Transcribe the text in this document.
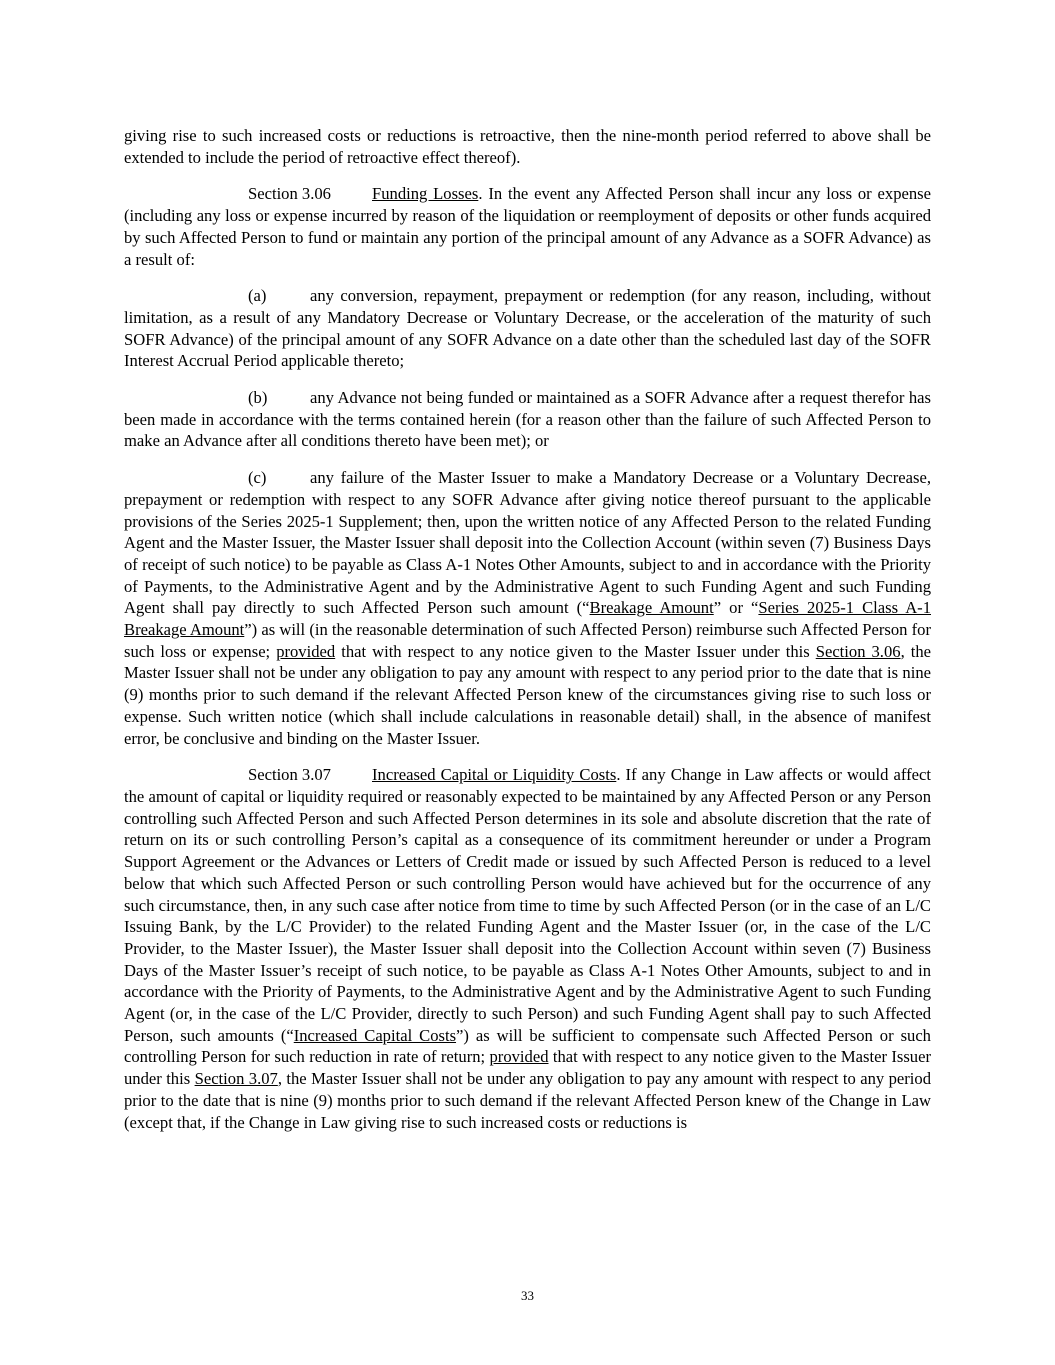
giving rise to such increased costs or reductions is retroactive, then the nine-month period referred to above shall be extended to include the period of retroactive effect thereof).

Section 3.06 Funding Losses. In the event any Affected Person shall incur any loss or expense (including any loss or expense incurred by reason of the liquidation or reemployment of deposits or other funds acquired by such Affected Person to fund or maintain any portion of the principal amount of any Advance as a SOFR Advance) as a result of:

(a)	any conversion, repayment, prepayment or redemption (for any reason, including, without limitation, as a result of any Mandatory Decrease or Voluntary Decrease, or the acceleration of the maturity of such SOFR Advance) of the principal amount of any SOFR Advance on a date other than the scheduled last day of the SOFR Interest Accrual Period applicable thereto;

(b)	any Advance not being funded or maintained as a SOFR Advance after a request therefor has been made in accordance with the terms contained herein (for a reason other than the failure of such Affected Person to make an Advance after all conditions thereto have been met); or

(c)	any failure of the Master Issuer to make a Mandatory Decrease or a Voluntary Decrease, prepayment or redemption with respect to any SOFR Advance after giving notice thereof pursuant to the applicable provisions of the Series 2025-1 Supplement; then, upon the written notice of any Affected Person to the related Funding Agent and the Master Issuer, the Master Issuer shall deposit into the Collection Account (within seven (7) Business Days of receipt of such notice) to be payable as Class A-1 Notes Other Amounts, subject to and in accordance with the Priority of Payments, to the Administrative Agent and by the Administrative Agent to such Funding Agent and such Funding Agent shall pay directly to such Affected Person such amount (“Breakage Amount” or “Series 2025-1 Class A-1 Breakage Amount”) as will (in the reasonable determination of such Affected Person) reimburse such Affected Person for such loss or expense; provided that with respect to any notice given to the Master Issuer under this Section 3.06, the Master Issuer shall not be under any obligation to pay any amount with respect to any period prior to the date that is nine (9) months prior to such demand if the relevant Affected Person knew of the circumstances giving rise to such loss or expense. Such written notice (which shall include calculations in reasonable detail) shall, in the absence of manifest error, be conclusive and binding on the Master Issuer.

Section 3.07 Increased Capital or Liquidity Costs. If any Change in Law affects or would affect the amount of capital or liquidity required or reasonably expected to be maintained by any Affected Person or any Person controlling such Affected Person and such Affected Person determines in its sole and absolute discretion that the rate of return on its or such controlling Person’s capital as a consequence of its commitment hereunder or under a Program Support Agreement or the Advances or Letters of Credit made or issued by such Affected Person is reduced to a level below that which such Affected Person or such controlling Person would have achieved but for the occurrence of any such circumstance, then, in any such case after notice from time to time by such Affected Person (or in the case of an L/C Issuing Bank, by the L/C Provider) to the related Funding Agent and the Master Issuer (or, in the case of the L/C Provider, to the Master Issuer), the Master Issuer shall deposit into the Collection Account within seven (7) Business Days of the Master Issuer’s receipt of such notice, to be payable as Class A-1 Notes Other Amounts, subject to and in accordance with the Priority of Payments, to the Administrative Agent and by the Administrative Agent to such Funding Agent (or, in the case of the L/C Provider, directly to such Person) and such Funding Agent shall pay to such Affected Person, such amounts (“Increased Capital Costs”) as will be sufficient to compensate such Affected Person or such controlling Person for such reduction in rate of return; provided that with respect to any notice given to the Master Issuer under this Section 3.07, the Master Issuer shall not be under any obligation to pay any amount with respect to any period prior to the date that is nine (9) months prior to such demand if the relevant Affected Person knew of the Change in Law (except that, if the Change in Law giving rise to such increased costs or reductions is

33
